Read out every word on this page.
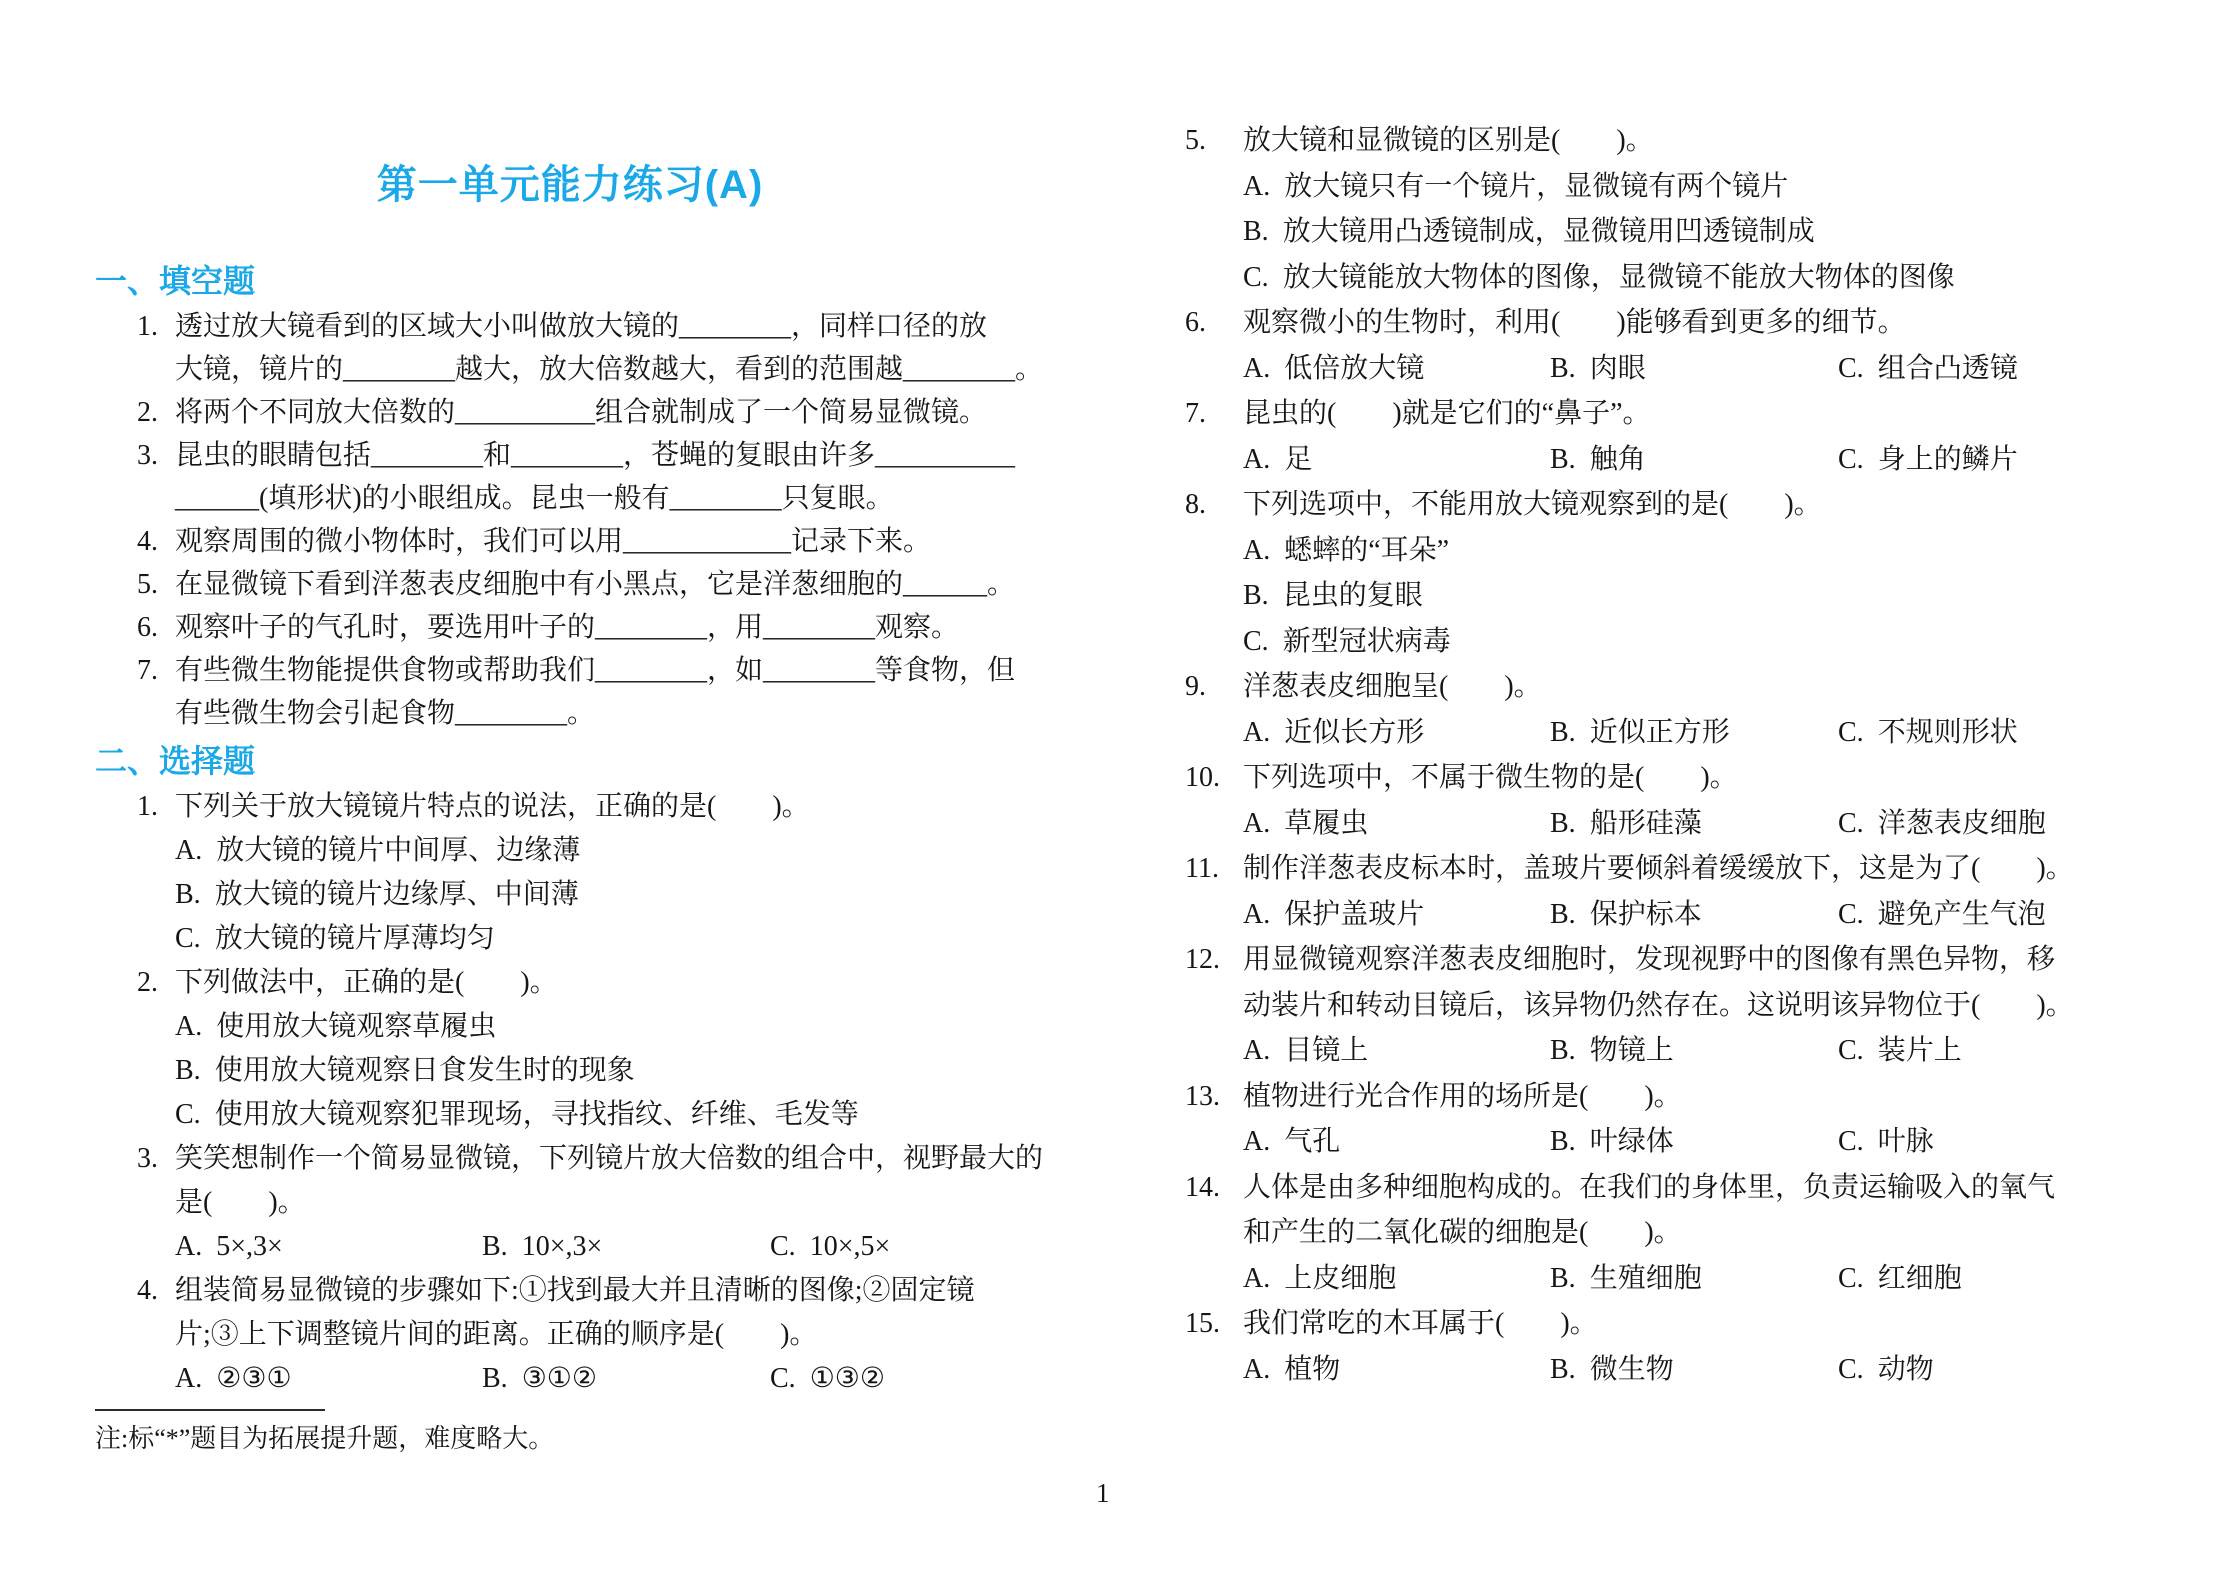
第一单元能力练习(A)
一、填空题
1. 透过放大镜看到的区域大小叫做放大镜的________，同样口径的放
大镜，镜片的________越大，放大倍数越大，看到的范围越________。
2. 将两个不同放大倍数的__________组合就制成了一个简易显微镜。
3. 昆虫的眼睛包括________和________，苍蝇的复眼由许多__________
______(填形状)的小眼组成。昆虫一般有________只复眼。
4. 观察周围的微小物体时，我们可以用____________记录下来。
5. 在显微镜下看到洋葱表皮细胞中有小黑点，它是洋葱细胞的______。
6. 观察叶子的气孔时，要选用叶子的________，用________观察。
7. 有些微生物能提供食物或帮助我们________，如________等食物，但
有些微生物会引起食物________。
二、选择题
1. 下列关于放大镜镜片特点的说法，正确的是(　　)。
A. 放大镜的镜片中间厚、边缘薄
B. 放大镜的镜片边缘厚、中间薄
C. 放大镜的镜片厚薄均匀
2. 下列做法中，正确的是(　　)。
A. 使用放大镜观察草履虫
B. 使用放大镜观察日食发生时的现象
C. 使用放大镜观察犯罪现场，寻找指纹、纤维、毛发等
3. 笑笑想制作一个简易显微镜，下列镜片放大倍数的组合中，视野最大的
是(　　)。
A. 5×,3×	B. 10×,3×	C. 10×,5×
4. 组装简易显微镜的步骤如下:①找到最大并且清晰的图像;②固定镜
片;③上下调整镜片间的距离。正确的顺序是(　　)。
A. ②③①	B. ③①②	C. ①③②
注:标“*”题目为拓展提升题，难度略大。
5. 放大镜和显微镜的区别是(　　)。
A. 放大镜只有一个镜片，显微镜有两个镜片
B. 放大镜用凸透镜制成，显微镜用凹透镜制成
C. 放大镜能放大物体的图像，显微镜不能放大物体的图像
6. 观察微小的生物时，利用(　　)能够看到更多的细节。
A. 低倍放大镜	B. 肉眼	C. 组合凸透镜
7. 昆虫的(　　)就是它们的“鼻子”。
A. 足	B. 触角	C. 身上的鳞片
8. 下列选项中，不能用放大镜观察到的是(　　)。
A. 蟋蟀的“耳朵”
B. 昆虫的复眼
C. 新型冠状病毒
9. 洋葱表皮细胞呈(　　)。
A. 近似长方形	B. 近似正方形	C. 不规则形状
10. 下列选项中，不属于微生物的是(　　)。
A. 草履虫	B. 船形硅藻	C. 洋葱表皮细胞
11. 制作洋葱表皮标本时，盖玻片要倾斜着缓缓放下，这是为了(　　)。
A. 保护盖玻片	B. 保护标本	C. 避免产生气泡
12. 用显微镜观察洋葱表皮细胞时，发现视野中的图像有黑色异物，移
动装片和转动目镜后，该异物仍然存在。这说明该异物位于(　　)。
A. 目镜上	B. 物镜上	C. 装片上
13. 植物进行光合作用的场所是(　　)。
A. 气孔	B. 叶绿体	C. 叶脉
14. 人体是由多种细胞构成的。在我们的身体里，负责运输吸入的氧气
和产生的二氧化碳的细胞是(　　)。
A. 上皮细胞	B. 生殖细胞	C. 红细胞
15. 我们常吃的木耳属于(　　)。
A. 植物	B. 微生物	C. 动物
1
